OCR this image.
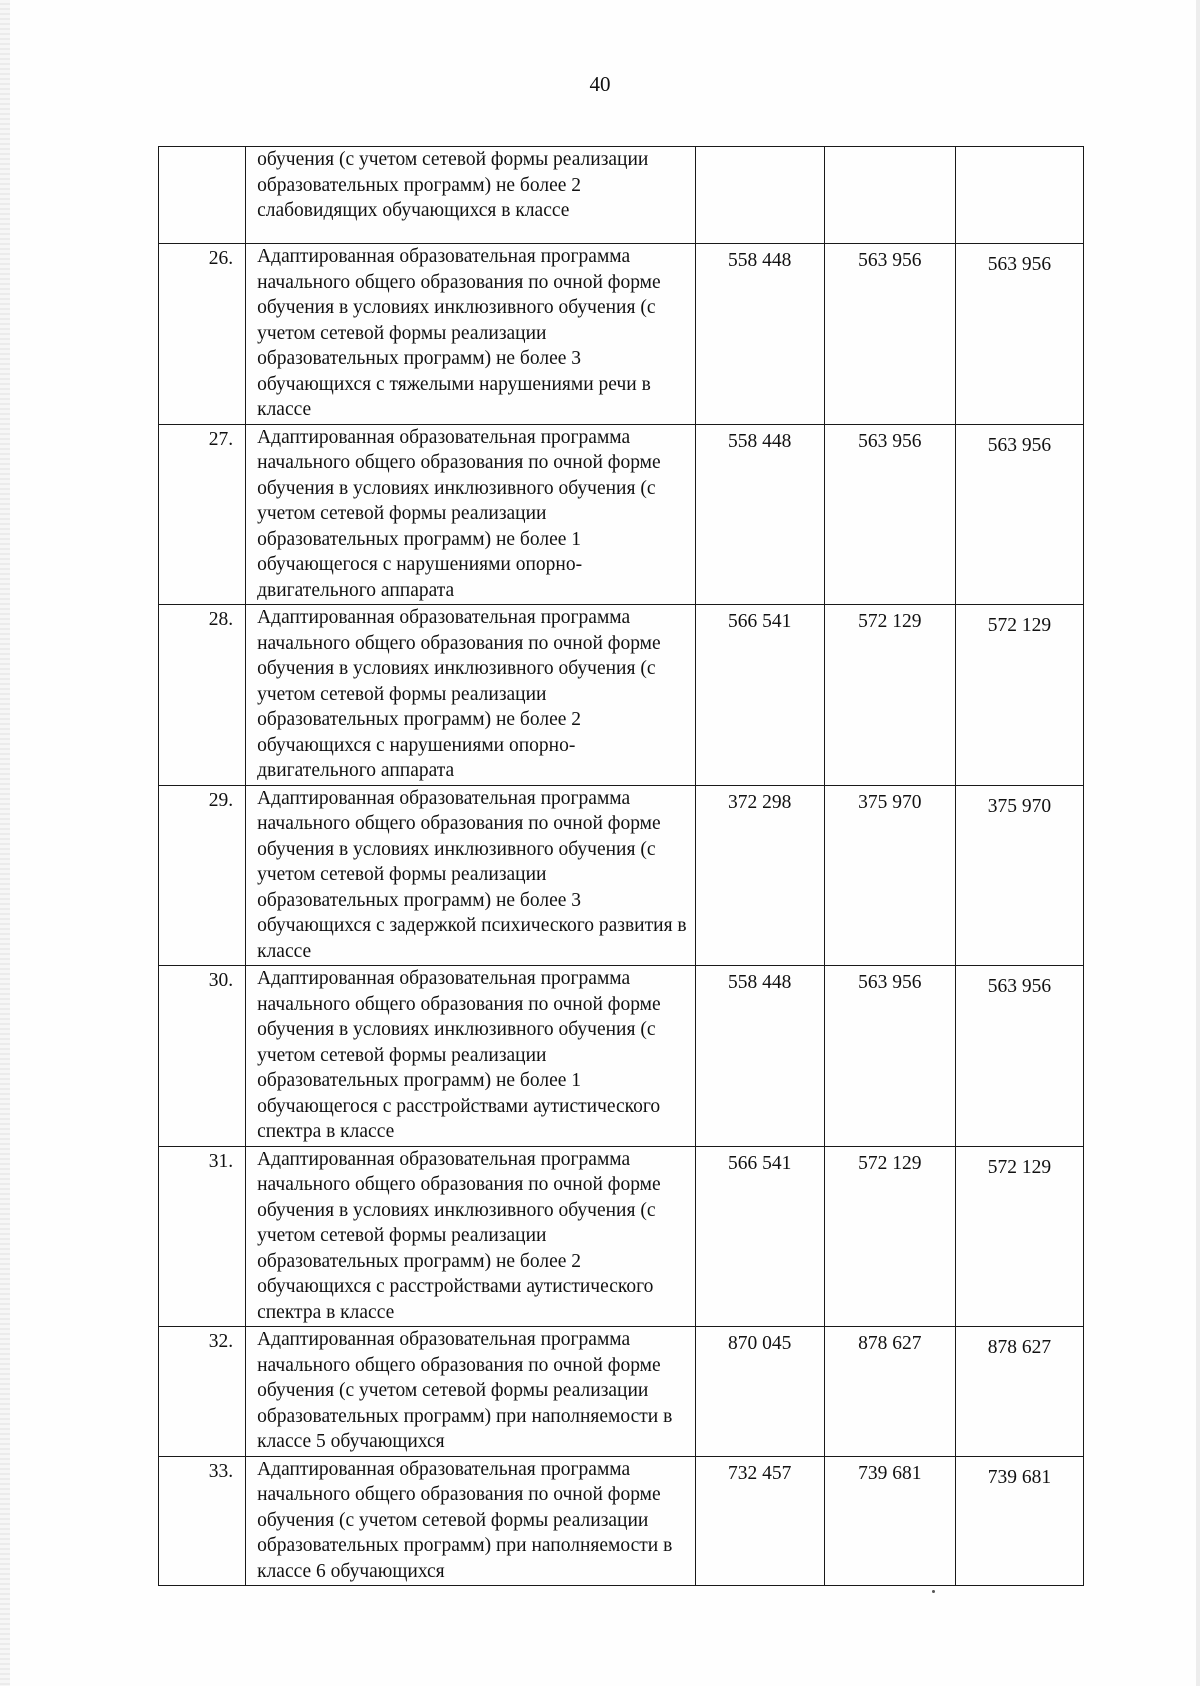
40
	обучения (с учетом сетевой формы реализации образовательных программ) не более 2 слабовидящих обучающихся в классе			
26.	Адаптированная образовательная программа начального общего образования по очной форме обучения в условиях инклюзивного обучения (с учетом сетевой формы реализации образовательных программ) не более 3 обучающихся с тяжелыми нарушениями речи в классе	558 448	563 956	563 956
27.	Адаптированная образовательная программа начального общего образования по очной форме обучения в условиях инклюзивного обучения (с учетом сетевой формы реализации образовательных программ) не более 1 обучающегося с нарушениями опорно-двигательного аппарата	558 448	563 956	563 956
28.	Адаптированная образовательная программа начального общего образования по очной форме обучения в условиях инклюзивного обучения (с учетом сетевой формы реализации образовательных программ) не более 2 обучающихся с нарушениями опорно-двигательного аппарата	566 541	572 129	572 129
29.	Адаптированная образовательная программа начального общего образования по очной форме обучения в условиях инклюзивного обучения (с учетом сетевой формы реализации образовательных программ) не более 3 обучающихся с задержкой психического развития в классе	372 298	375 970	375 970
30.	Адаптированная образовательная программа начального общего образования по очной форме обучения в условиях инклюзивного обучения (с учетом сетевой формы реализации образовательных программ) не более 1 обучающегося с расстройствами аутистического спектра в классе	558 448	563 956	563 956
31.	Адаптированная образовательная программа начального общего образования по очной форме обучения в условиях инклюзивного обучения (с учетом сетевой формы реализации образовательных программ) не более 2 обучающихся с расстройствами аутистического спектра в классе	566 541	572 129	572 129
32.	Адаптированная образовательная программа начального общего образования по очной форме обучения (с учетом сетевой формы реализации образовательных программ) при наполняемости в классе 5 обучающихся	870 045	878 627	878 627
33.	Адаптированная образовательная программа начального общего образования по очной форме обучения (с учетом сетевой формы реализации образовательных программ) при наполняемости в классе 6 обучающихся	732 457	739 681	739 681
